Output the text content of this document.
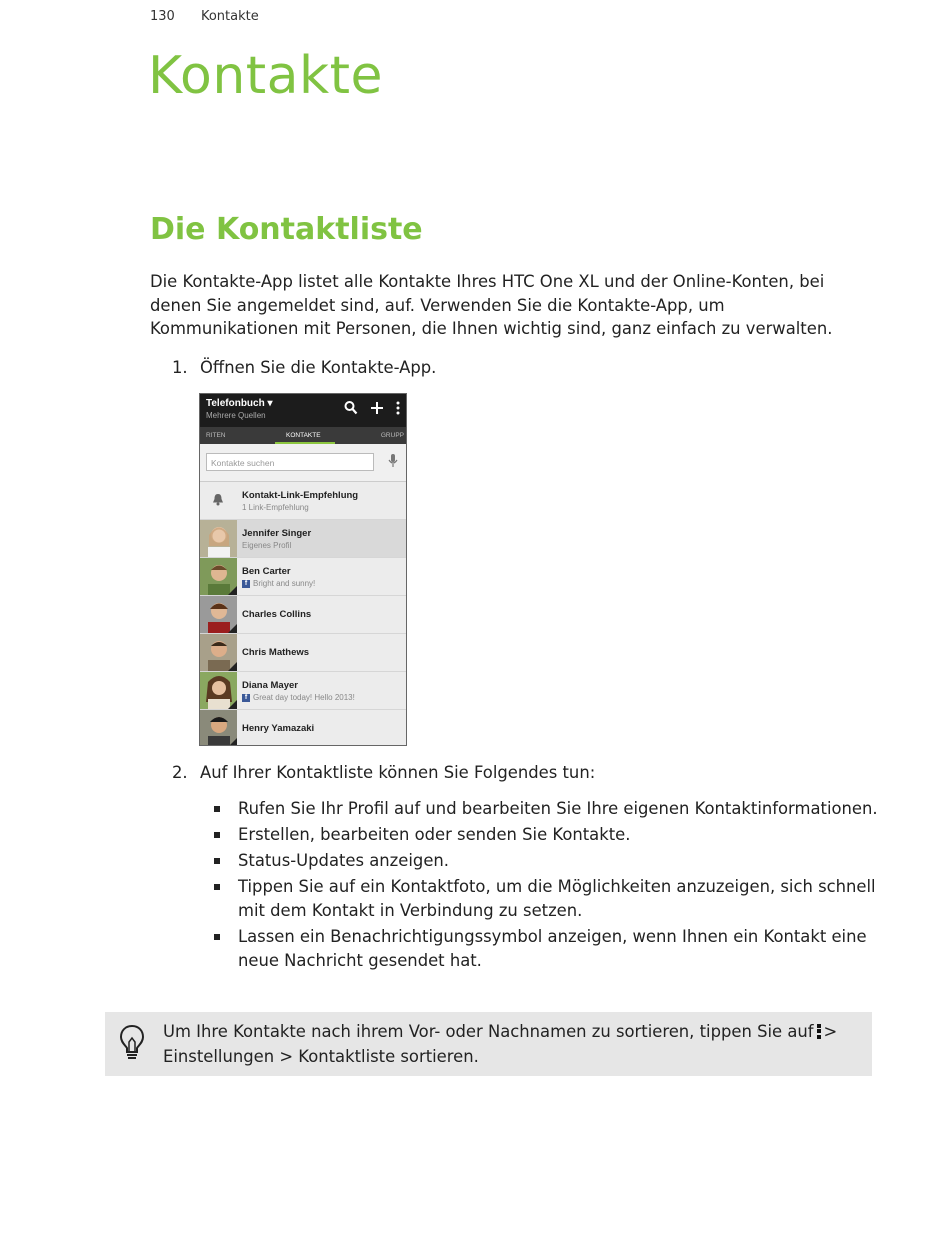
130 Kontakte
Kontakte
Die Kontaktliste

Die Kontakte-App listet alle Kontakte Ihres HTC One XL und der Online-Konten, bei denen Sie angemeldet sind, auf. Verwenden Sie die Kontakte-App, um Kommunikationen mit Personen, die Ihnen wichtig sind, ganz einfach zu verwalten.

1. Öffnen Sie die Kontakte-App.
Telefonbuch ▾
Mehrere Quellen
RITEN	KONTAKTE	GRUPP
Kontakte suchen
Kontakt-Link-Empfehlung
1 Link-Empfehlung
Jennifer Singer
Eigenes Profil
Ben Carter
f Bright and sunny!
Charles Collins
Chris Mathews
Diana Mayer
f Great day today! Hello 2013!
Henry Yamazaki
2. Auf Ihrer Kontaktliste können Sie Folgendes tun:
Rufen Sie Ihr Profil auf und bearbeiten Sie Ihre eigenen Kontaktinformationen.
Erstellen, bearbeiten oder senden Sie Kontakte.
Status-Updates anzeigen.
Tippen Sie auf ein Kontaktfoto, um die Möglichkeiten anzuzeigen, sich schnell mit dem Kontakt in Verbindung zu setzen.
Lassen ein Benachrichtigungssymbol anzeigen, wenn Ihnen ein Kontakt eine neue Nachricht gesendet hat.
Um Ihre Kontakte nach ihrem Vor- oder Nachnamen zu sortieren, tippen Sie auf >
Einstellungen > Kontaktliste sortieren.
